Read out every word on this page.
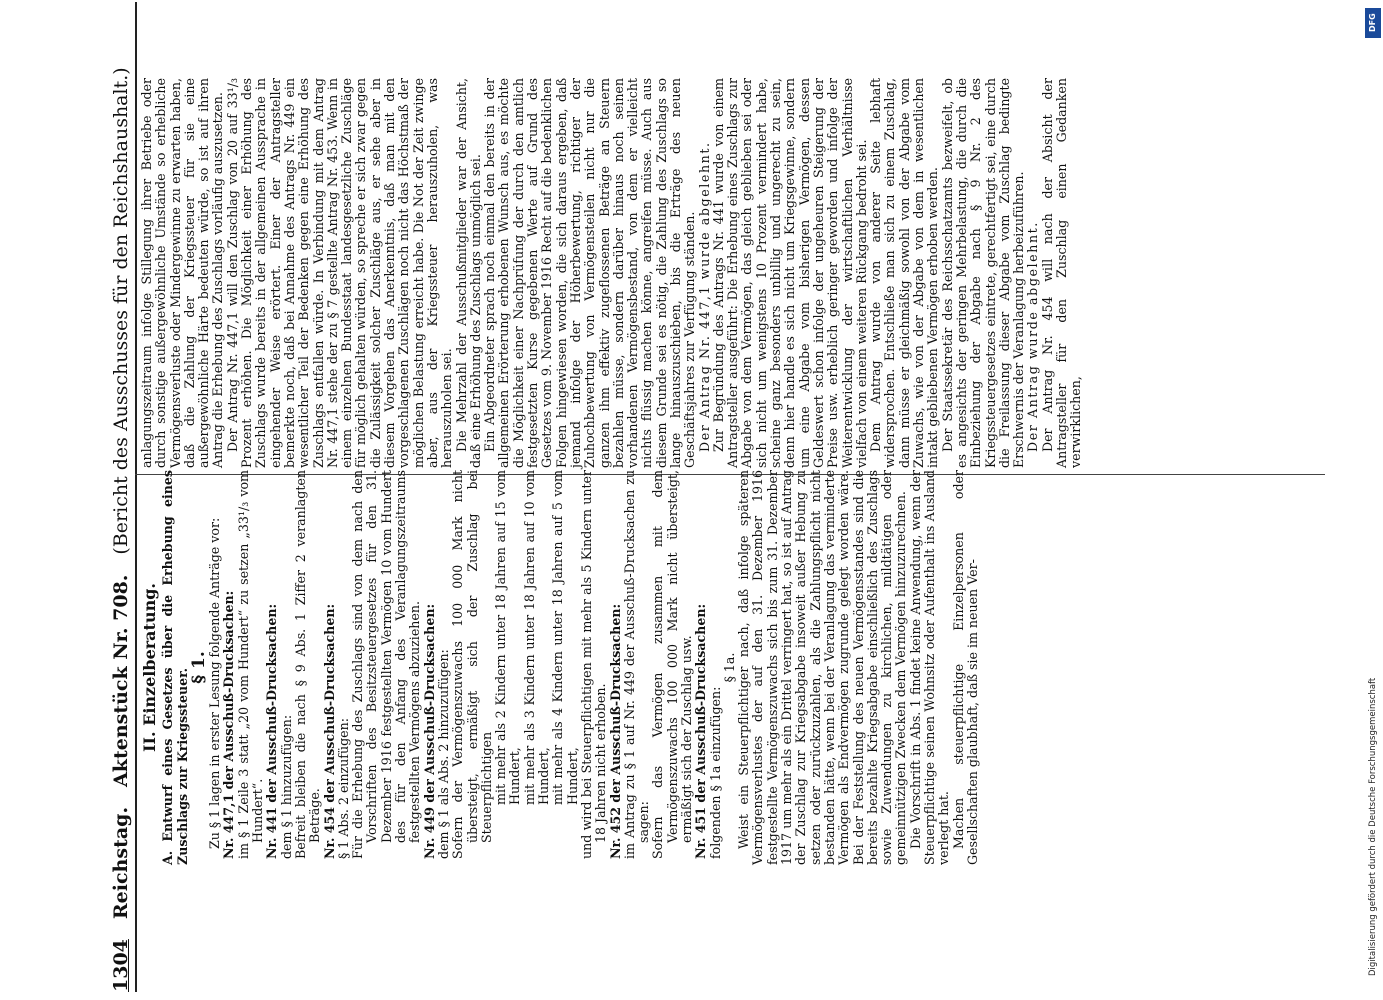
1304
Reichstag.
Aktenstück Nr. 708.
(Bericht des Ausschusses für den Reichshaushalt.)

II. Einzelberatung. A. Entwurf eines Gesetzes über die Erhebung eines Zuschlags zur Kriegssteuer.

§ 1.

Zu § 1 lagen in erster Lesung folgende Anträge vor: Nr. 447,1 der Ausschuß-Drucksachen: im § 1 Zeile 3 statt „20 vom Hundert“ zu setzen „33¹/₃ vom Hundert“. Nr. 441 der Ausschuß-Drucksachen: dem § 1 hinzuzufügen: Befreit bleiben die nach § 9 Abs. 1 Ziffer 2 veranlagten Beträge. Nr. 454 der Ausschuß-Drucksachen: § 1 Abs. 2 einzufügen: Für die Erhebung des Zuschlags sind von dem nach den Vorschriften des Besitzsteuergesetzes für den 31. Dezember 1916 festgestellten Vermögen 10 vom Hundert des für den Anfang des Veranlagungszeitraums festgestellten Vermögens abzuziehen. Nr. 449 der Ausschuß-Drucksachen: dem § 1 als Abs. 2 hinzuzufügen: Sofern der Vermögenszuwachs 100 000 Mark nicht übersteigt, ermäßigt sich der Zuschlag bei Steuerpflichtigen mit mehr als 2 Kindern unter 18 Jahren auf 15 vom Hundert, mit mehr als 3 Kindern unter 18 Jahren auf 10 vom Hundert, mit mehr als 4 Kindern unter 18 Jahren auf 5 vom Hundert, und wird bei Steuerpflichtigen mit mehr als 5 Kindern unter 18 Jahren nicht erhoben. Nr. 452 der Ausschuß-Drucksachen: im Antrag zu § 1 auf Nr. 449 der Ausschuß-Drucksachen zu sagen: Sofern das Vermögen zusammen mit dem Vermögenszuwachs 100 000 Mark nicht übersteigt, ermäßigt sich der Zuschlag usw. Nr. 451 der Ausschuß-Drucksachen: folgenden § 1a einzufügen:

§ 1a. Weist ein Steuerpflichtiger nach, daß infolge späteren Vermögensverlustes der auf den 31. Dezember 1916 festgestellte Vermögenszuwachs sich bis zum 31. Dezember 1917 um mehr als ein Drittel verringert hat, so ist auf Antrag der Zuschlag zur Kriegsabgabe insoweit außer Hebung zu setzen oder zurückzuzahlen, als die Zahlungspflicht nicht bestanden hätte, wenn bei der Veranlagung das verminderte Vermögen als Endvermögen zugrunde gelegt worden wäre. Bei der Feststellung des neuen Vermögensstandes sind die bereits bezahlte Kriegsabgabe einschließlich des Zuschlags sowie Zuwendungen zu kirchlichen, mildtätigen oder gemeinnützigen Zwecken dem Vermögen hinzuzurechnen. Die Vorschrift in Abs. 1 findet keine Anwendung, wenn der Steuerpflichtige seinen Wohnsitz oder Aufenthalt ins Ausland verlegt hat. Machen steuerpflichtige Einzelpersonen oder Gesellschaften glaubhaft, daß sie im neuen Ver-

anlagungszeitraum infolge Stillegung ihrer Betriebe oder durch sonstige außergewöhnliche Umstände so erhebliche Vermögensverluste oder Mindergewinne zu erwarten haben, daß die Zahlung der Kriegssteuer für sie eine außergewöhnliche Härte bedeuten würde, so ist auf ihren Antrag die Erhebung des Zuschlags vorläufig auszusetzen. Der Antrag Nr. 447,1 will den Zuschlag von 20 auf 33¹/₃ Prozent erhöhen. Die Möglichkeit einer Erhöhung des Zuschlags wurde bereits in der allgemeinen Aussprache in eingehender Weise erörtert. Einer der Antragsteller bemerkte noch, daß bei Annahme des Antrags Nr. 449 ein wesentlicher Teil der Bedenken gegen eine Erhöhung des Zuschlags entfallen würde. In Verbindung mit dem Antrag Nr. 447,1 stehe der zu § 7 gestellte Antrag Nr. 453. Wenn in einem einzelnen Bundesstaat landesgesetzliche Zuschläge für möglich gehalten würden, so spreche er sich zwar gegen die Zulässigkeit solcher Zuschläge aus, er sehe aber in diesem Vorgehen das Anerkenntnis, daß man mit den vorgeschlagenen Zuschlägen noch nicht das Höchstmaß der möglichen Belastung erreicht habe. Die Not der Zeit zwinge aber, aus der Kriegssteuer herauszuholen, was herauszuholen sei. Die Mehrzahl der Ausschußmitglieder war der Ansicht, daß eine Erhöhung des Zuschlags unmöglich sei. Ein Abgeordneter sprach noch einmal den bereits in der allgemeinen Erörterung erhobenen Wunsch aus, es möchte die Möglichkeit einer Nachprüfung der durch den amtlich festgesetzten Kurse gegebenen Werte auf Grund des Gesetzes vom 9. November 1916 Recht auf die bedenklichen Folgen hingewiesen worden, die sich daraus ergeben, daß jemand infolge der Höherbewertung, richtiger der Zuhochbewertung von Vermögensteilen nicht nur die ganzen ihm effektiv zugeflossenen Beträge an Steuern bezahlen müsse, sondern darüber hinaus noch seinen vorhandenen Vermögensbestand, von dem er vielleicht nichts flüssig machen könne, angreifen müsse. Auch aus diesem Grunde sei es nötig, die Zahlung des Zuschlags so lange hinauszuschieben, bis die Erträge des neuen Geschäftsjahres zur Verfügung ständen. Der Antrag Nr. 447,1 wurde abgelehnt. Zur Begründung des Antrags Nr. 441 wurde von einem Antragsteller ausgeführt: Die Erhebung eines Zuschlags zur Abgabe von dem Vermögen, das gleich geblieben sei oder sich nicht um wenigstens 10 Prozent vermindert habe, scheine ganz besonders unbillig und ungerecht zu sein, denn hier handle es sich nicht um Kriegsgewinne, sondern um eine Abgabe vom bisherigen Vermögen, dessen Geldeswert schon infolge der ungeheuren Steigerung der Preise usw. erheblich geringer geworden und infolge der Weiterentwicklung der wirtschaftlichen Verhältnisse vielfach von einem weiteren Rückgang bedroht sei. Dem Antrag wurde von anderer Seite lebhaft widersprochen. Entschließe man sich zu einem Zuschlag, dann müsse er gleichmäßig sowohl von der Abgabe vom Zuwachs, wie von der Abgabe von dem in wesentlichen intakt gebliebenen Vermögen erhoben werden. Der Staatssekretär des Reichsschatzamts bezweifelt, ob es angesichts der geringen Mehrbelastung, die durch die Einbeziehung der Abgabe nach § 9 Nr. 2 des Kriegssteuergesetzes eintrete, gerechtfertigt sei, eine durch die Freilassung dieser Abgabe vom Zuschlag bedingte Erschwernis der Veranlagung herbeizuführen. Der Antrag wurde abgelehnt. Der Antrag Nr. 454 will nach der Absicht der Antragsteller für den Zuschlag einen Gedanken verwirklichen,

DFG
Digitalisierung gefördert durch die Deutsche Forschungsgemeinschaft
